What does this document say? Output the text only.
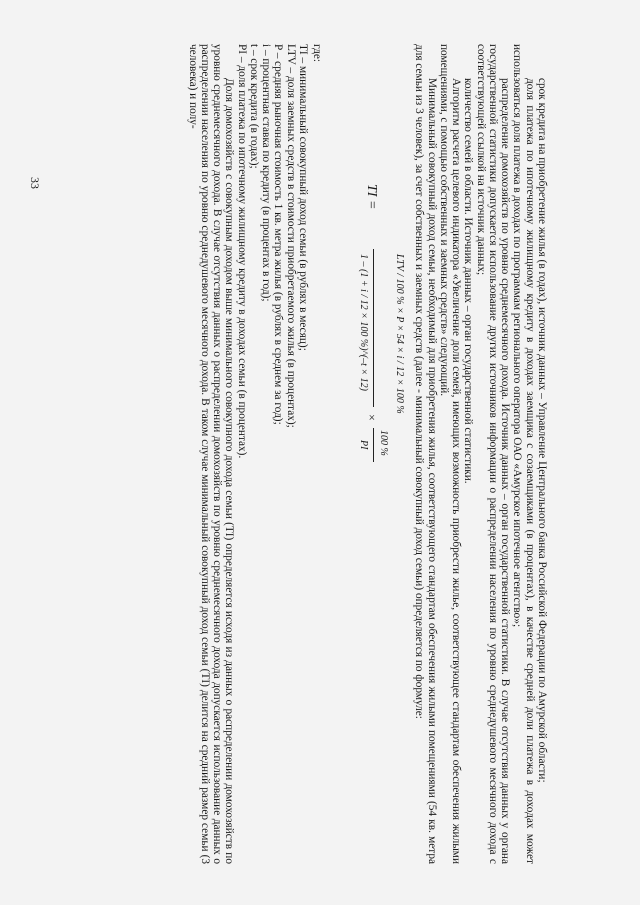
33	срок кредита на приобретение жилья (в годах), источник данных – Управление Центрального банка Российской Федерации по Амурской области;

доля платежа по ипотечному жилищному кредиту в доходах заемщика с созаемщиками (в процентах), в качестве средней доли платежа в доходах может использоваться доля платежа в доходах по программам регионального оператора ОАО «Амурское ипотечное агентство»;

распределение домохозяйств по уровню среднемесячного дохода. Источник данных – орган государственной статистики. В случае отсутствия данных у органа государственной статистики допускается использование других источников информации о распределении населения по уровню среднедушевого месячного дохода с соответствующей ссылкой на источник данных;

количество семей в области. Источник данных – орган государственной статистики.

Алгоритм расчета целевого индикатора «Увеличение доли семей, имеющих возможность приобрести жилье, соответствующее стандартам обеспечения жилыми помещениями, с помощью собственных и заемных средств» следующий.

Минимальный совокупный доход семьи, необходимый для приобретения жилья, соответствующего стандартам обеспечения жилыми помещениями (54 кв. метра для семьи из 3 человек), за счет собственных и заемных средств (далее - минимальный совокупный доход семьи) определяется по формуле:

TI =
LTV / 100 % × P × 54 × i / 12 × 100 %
1 – (1 + i / 12 × 100 %)^(–t × 12)
×
100 %
PI

где:

TI – минимальный совокупный доход семьи (в рублях в месяц);

LTV – доля заемных средств в стоимости приобретаемого жилья (в процентах);

P – средняя рыночная стоимость 1 кв. метра жилья (в рублях в среднем за год);

i – процентная ставка по кредиту (в процентах в год);

t – срок кредита (в годах);

PI – доля платежа по ипотечному жилищному кредиту в доходах семьи (в процентах).

Доля домохозяйств с совокупным доходом выше минимального совокупного дохода семьи (TI) определяется исходя из данных о распределении домохозяйств по уровню среднемесячного дохода. В случае отсутствия данных о распределении домохозяйств по уровню среднемесячного дохода допускается использование данных о распределении населения по уровню среднедушевого месячного дохода. В таком случае минимальный совокупный доход семьи (TI) делится на средний размер семьи (3 человека) и полу-
